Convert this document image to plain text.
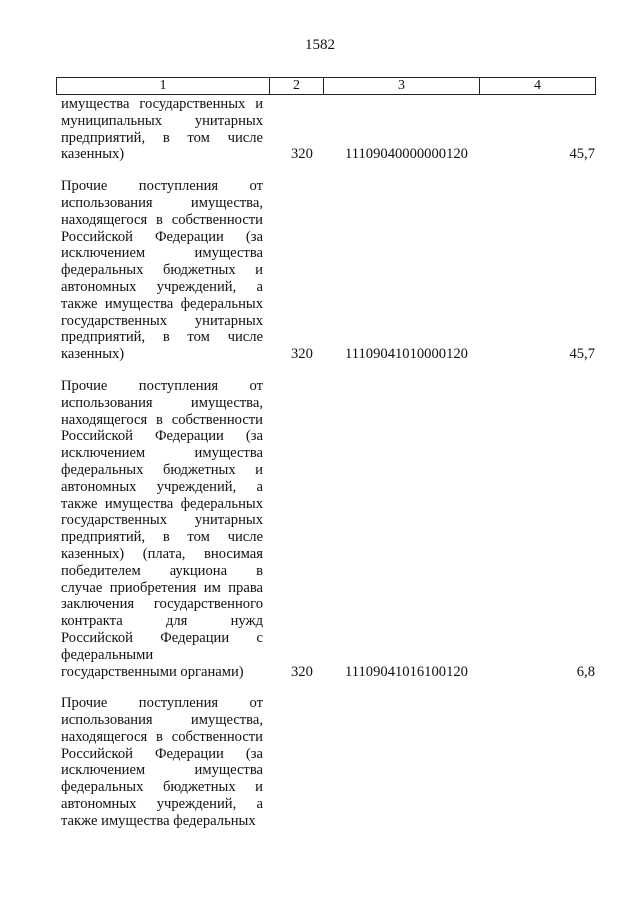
1582
1	2	3	4
имущества государственных и
муниципальных унитарных
предприятий, в том числе
казенных)	320 11109040000000120	45,7
Прочие поступления от
использования имущества,
находящегося в собственности
Российской Федерации (за
исключением имущества
федеральных бюджетных и
автономных учреждений, а
также имущества федеральных
государственных унитарных
предприятий, в том числе
казенных)	320 11109041010000120	45,7
Прочие поступления от
использования имущества,
находящегося в собственности
Российской Федерации (за
исключением имущества
федеральных бюджетных и
автономных учреждений, а
также имущества федеральных
государственных унитарных
предприятий, в том числе
казенных) (плата, вносимая
победителем аукциона в
случае приобретения им права
заключения государственного
контракта для нужд
Российской Федерации с
федеральными
государственными органами)	320 11109041016100120	6,8
Прочие поступления от
использования имущества,
находящегося в собственности
Российской Федерации (за
исключением имущества
федеральных бюджетных и
автономных учреждений, а
также имущества федеральных
